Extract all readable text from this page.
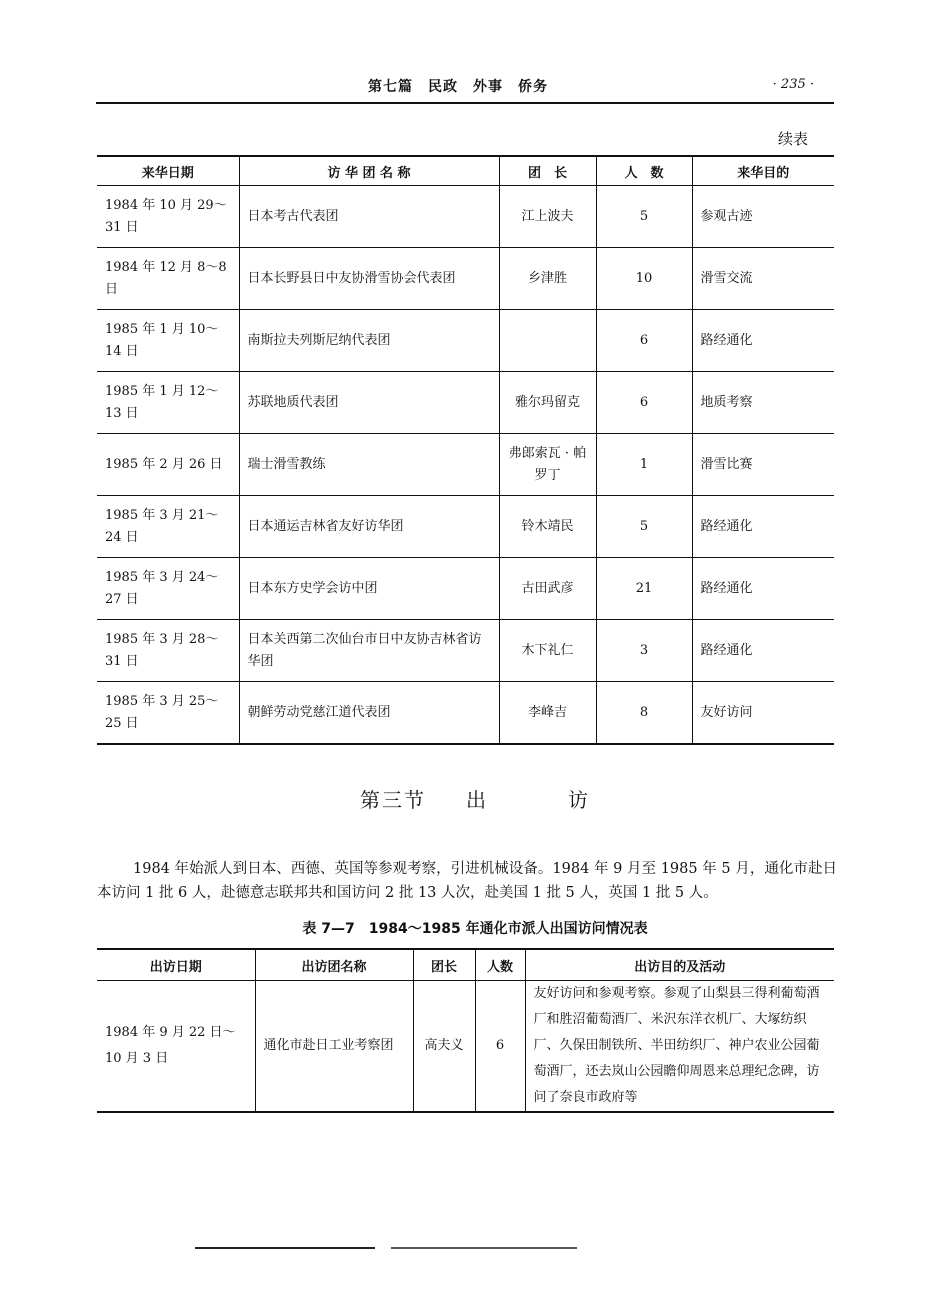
第七篇　民政　外事　侨务	· 235 ·
续表
来华日期	访 华 团 名 称	团　长	人　数	来华目的
1984 年 10 月 29～31 日	日本考古代表团	江上波夫	5	参观古迹
1984 年 12 月 8～8 日	日本长野县日中友协滑雪协会代表团	乡津胜	10	滑雪交流
1985 年 1 月 10～14 日	南斯拉夫列斯尼纳代表团		6	路经通化
1985 年 1 月 12～13 日	苏联地质代表团	雅尔玛留克	6	地质考察
1985 年 2 月 26 日	瑞士滑雪教练	弗郎索瓦 · 帕罗丁	1	滑雪比赛
1985 年 3 月 21～24 日	日本通运吉林省友好访华团	铃木靖民	5	路经通化
1985 年 3 月 24～27 日	日本东方史学会访中团	古田武彦	21	路经通化
1985 年 3 月 28～31 日	日本关西第二次仙台市日中友协吉林省访华团	木下礼仁	3	路经通化
1985 年 3 月 25～25 日	朝鲜劳动党慈江道代表团	李峰吉	8	友好访问
第三节 出	访

1984 年始派人到日本、西德、英国等参观考察，引进机械设备。1984 年 9 月至 1985 年 5 月，通化市赴日本访问 1 批 6 人，赴德意志联邦共和国访问 2 批 13 人次，赴美国 1 批 5 人，英国 1 批 5 人。

表 7—7　1984～1985 年通化市派人出国访问情况表
出访日期	出访团名称	团长	人数	出访目的及活动
1984 年 9 月 22 日～10 月 3 日	通化市赴日工业考察团	高夫义	6	友好访问和参观考察。参观了山梨县三得利葡萄酒厂和胜沼葡萄酒厂、米沢东洋衣机厂、大塚纺织厂、久保田制铁所、半田纺织厂、神户农业公园葡萄酒厂，还去岚山公园瞻仰周恩来总理纪念碑，访问了奈良市政府等
